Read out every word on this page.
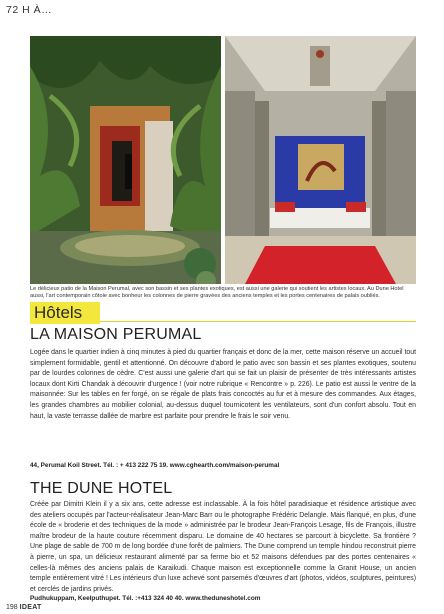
72 H À…
Le délicieux patio de la Maison Perumal, avec son bassin et ses plantes exotiques, est aussi une galerie qui soutient les artistes locaux. Au Dune Hotel aussi, l'art contemporain côtoie avec bonheur les colonnes de pierre gravées des anciens temples et les portes centenaires de palais oubliés.
Hôtels
LA MAISON PERUMAL

Logée dans le quartier indien à cinq minutes à pied du quartier français et donc de la mer, cette maison réserve un accueil tout simplement formidable, gentil et attentionné. On découvre d'abord le patio avec son bassin et ses plantes exotiques, soutenu par de lourdes colonnes de cèdre. C'est aussi une galerie d'art qui se fait un plaisir de présenter de très intéressants artistes locaux dont Kirti Chandak à découvrir d'urgence ! (voir notre rubrique « Rencontre » p. 226). Le patio est aussi le ventre de la maisonnée: Sur les tables en fer forgé, on se régale de plats frais concoctés au fur et à mesure des commandes. Aux étages, les grandes chambres au mobilier colonial, au-dessus duquel tournicotent les ventilateurs, sont d'un confort absolu. Tout en haut, la vaste terrasse dallée de marbre est parfaite pour prendre le frais le soir venu.

44, Perumal Koil Street. Tél. : + 413 222 75 19. www.cghearth.com/maison-perumal

THE DUNE HOTEL

Créée par Dimitri Klein il y a six ans, cette adresse est inclassable. À la fois hôtel paradisiaque et résidence artistique avec des ateliers occupés par l'acteur-réalisateur Jean-Marc Barr ou le photographe Frédéric Delangle. Mais flanqué, en plus, d'une école de « broderie et des techniques de la mode » administrée par le brodeur Jean-François Lesage, fils de François, illustre maître brodeur de la haute couture récemment disparu. Le domaine de 40 hectares se parcourt à bicyclette. Sa frontière ? Une plage de sable de 700 m de long bordée d'une forêt de palmiers. The Dune comprend un temple hindou reconstruit pierre à pierre, un spa, un délicieux restaurant alimenté par sa ferme bio et 52 maisons défendues par des portes centenaires « celles-là mêmes des anciens palais de Karaikudi. Chaque maison est exceptionnelle comme la Granit House, un ancien temple entièrement vitré ! Les intérieurs d'un luxe achevé sont parsemés d'œuvres d'art (photos, vidéos, sculptures, peintures) et cerclés de jardins privés.

Pudhukuppam, Keelputhupet. Tél. :+413 324 40 40. www.theduneshotel.com

198 IDEAT
